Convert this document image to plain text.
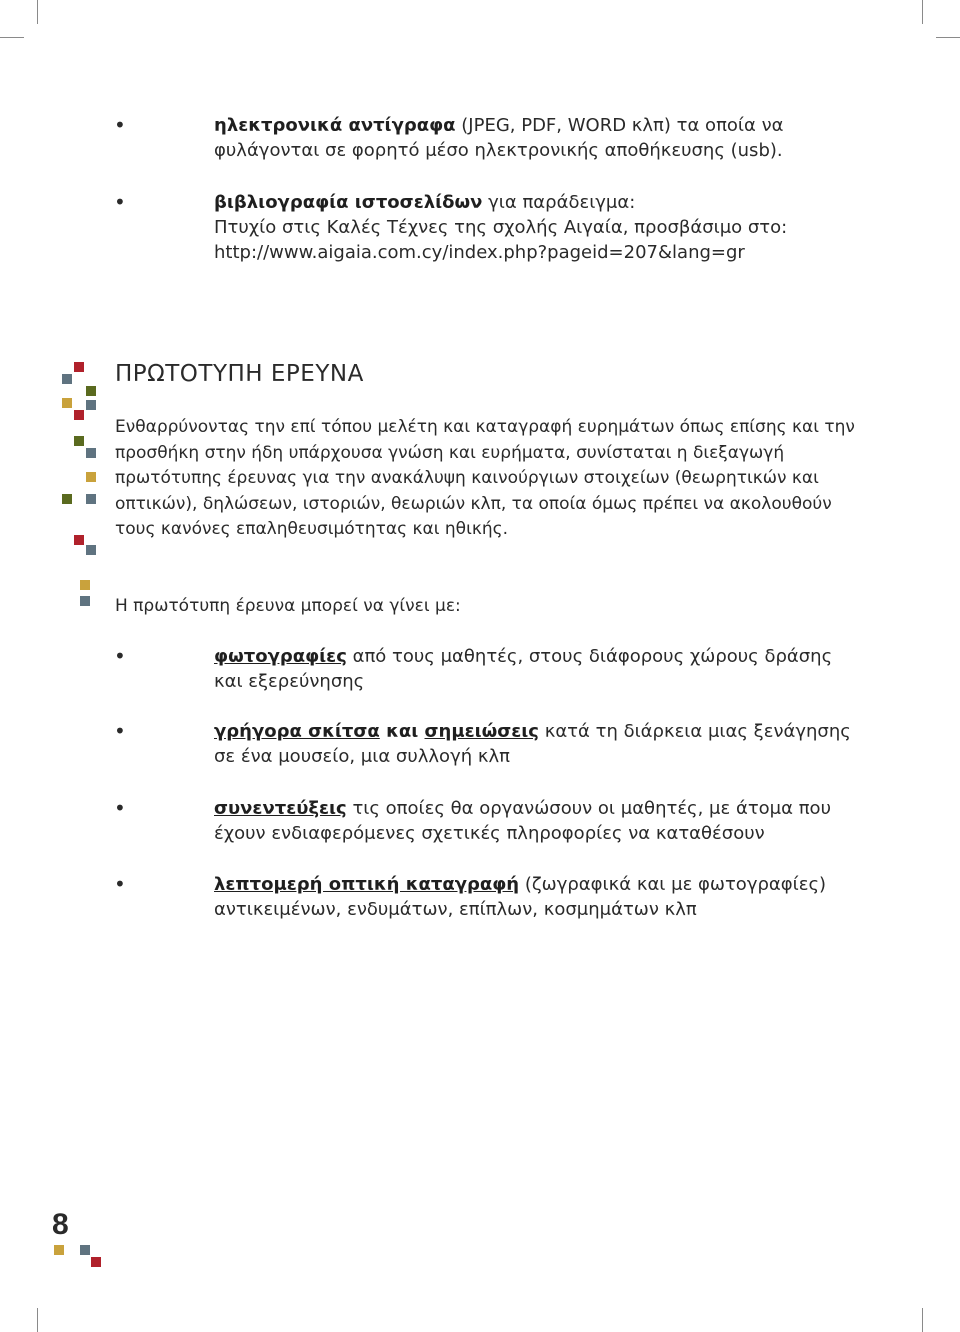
•	ηλεκτρονικά αντίγραφα (JPEG, PDF, WORD κλπ) τα οποία να φυλάγονται σε φορητό μέσο ηλεκτρονικής αποθήκευσης (usb).
•	βιβλιογραφία ιστοσελίδων για παράδειγμα:
Πτυχίο στις Καλές Τέχνες της σχολής Αιγαία, προσβάσιμο στο:
http://www.aigaia.com.cy/index.php?pageid=207&lang=gr
ΠΡΩΤΟΤΥΠΗ ΕΡΕΥΝΑ
Ενθαρρύνοντας την επί τόπου μελέτη και καταγραφή ευρημάτων όπως επίσης και την προσθήκη στην ήδη υπάρχουσα γνώση και ευρήματα, συνίσταται η διεξαγωγή πρωτότυπης έρευνας για την ανακάλυψη καινούργιων στοιχείων (θεωρητικών και οπτικών), δηλώσεων, ιστοριών, θεωριών κλπ, τα οποία όμως πρέπει να ακολουθούν τους κανόνες επαληθευσιμότητας και ηθικής.
Η πρωτότυπη έρευνα μπορεί να γίνει με:
•	φωτογραφίες από τους μαθητές, στους διάφορους χώρους δράσης και εξερεύνησης
•	γρήγορα σκίτσα και σημειώσεις κατά τη διάρκεια μιας ξενάγησης σε ένα μουσείο, μια συλλογή κλπ
•	συνεντεύξεις τις οποίες θα οργανώσουν οι μαθητές, με άτομα που έχουν ενδιαφερόμενες σχετικές πληροφορίες να καταθέσουν
•	λεπτομερή οπτική καταγραφή (ζωγραφικά και με φωτογραφίες) αντικειμένων, ενδυμάτων, επίπλων, κοσμημάτων κλπ
8
